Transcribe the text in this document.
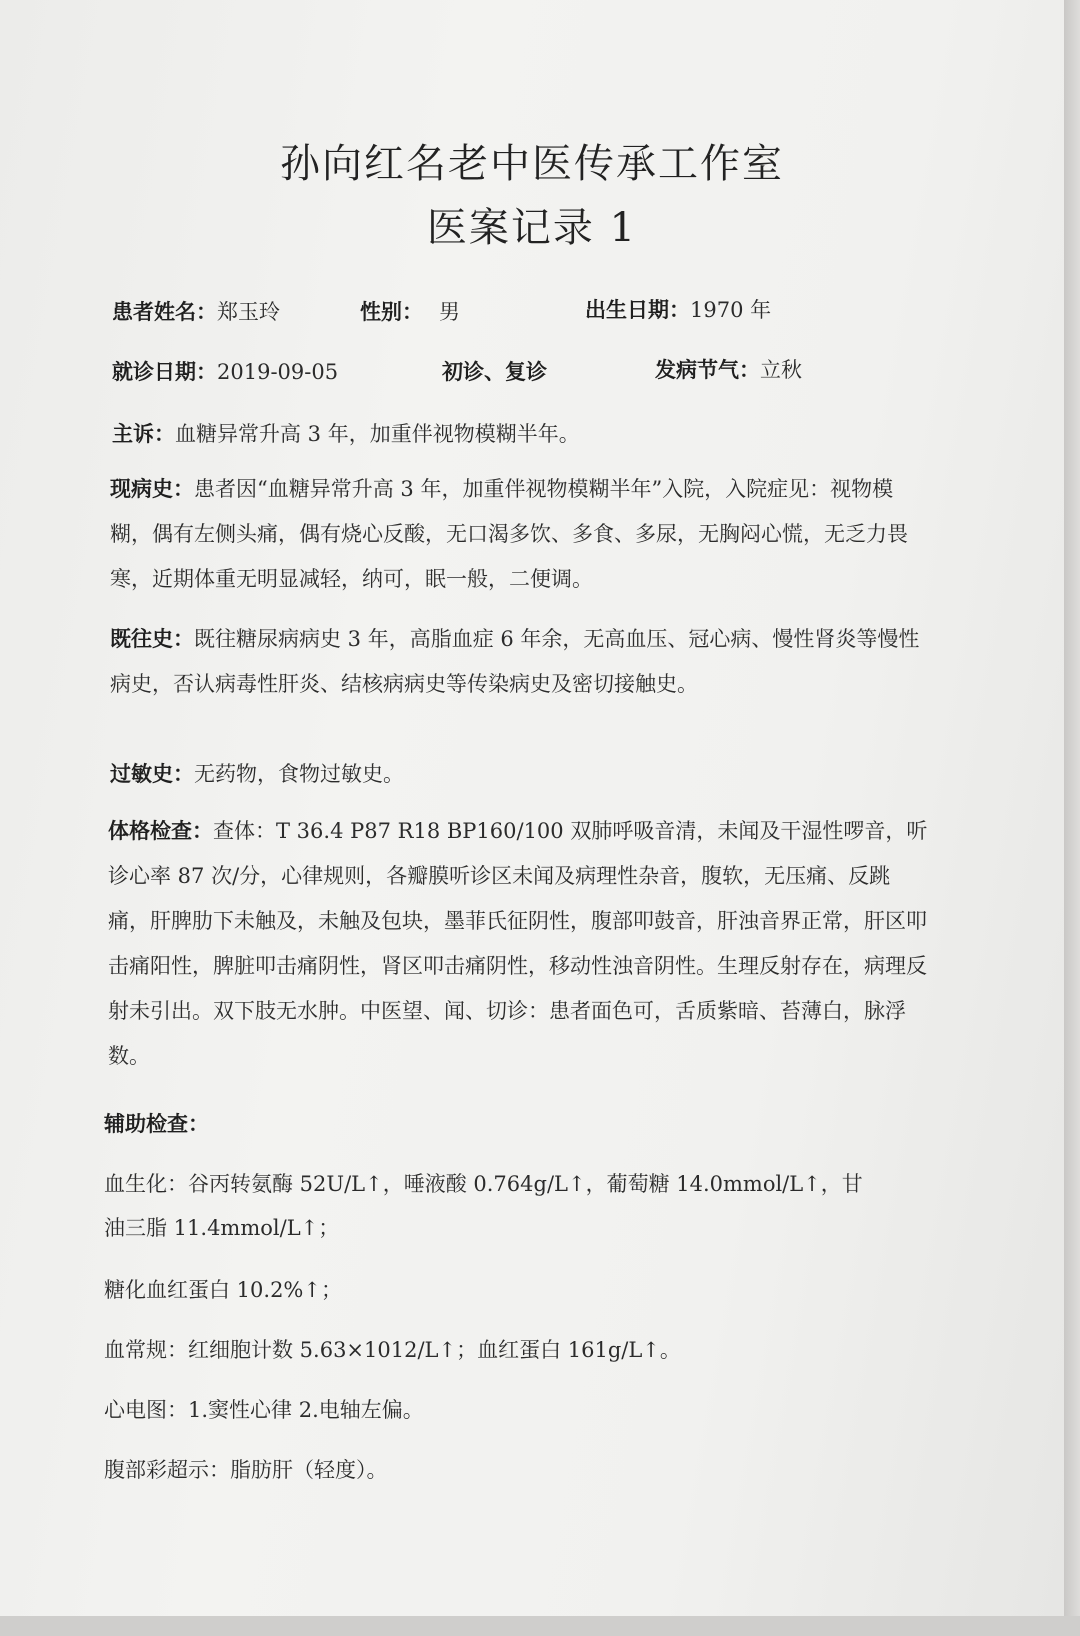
孙向红名老中医传承工作室
医案记录 1
患者姓名：郑玉玲	性别： 男	出生日期：1970 年
就诊日期：2019-09-05	初诊、复诊	发病节气：立秋
主诉：血糖异常升高 3 年，加重伴视物模糊半年。
现病史：患者因“血糖异常升高 3 年，加重伴视物模糊半年”入院，入院症见：视物模糊，偶有左侧头痛，偶有烧心反酸，无口渴多饮、多食、多尿，无胸闷心慌，无乏力畏寒，近期体重无明显减轻，纳可，眠一般，二便调。
既往史：既往糖尿病病史 3 年，高脂血症 6 年余，无高血压、冠心病、慢性肾炎等慢性病史，否认病毒性肝炎、结核病病史等传染病史及密切接触史。
过敏史：无药物，食物过敏史。
体格检查：查体：T 36.4 P87 R18 BP160/100 双肺呼吸音清，未闻及干湿性啰音，听诊心率 87 次/分，心律规则，各瓣膜听诊区未闻及病理性杂音，腹软，无压痛、反跳痛，肝脾肋下未触及，未触及包块，墨菲氏征阴性，腹部叩鼓音，肝浊音界正常，肝区叩击痛阳性，脾脏叩击痛阴性，肾区叩击痛阴性，移动性浊音阴性。生理反射存在，病理反射未引出。双下肢无水肿。中医望、闻、切诊：患者面色可，舌质紫暗、苔薄白，脉浮数。
辅助检查：
血生化：谷丙转氨酶 52U/L↑，唾液酸 0.764g/L↑，葡萄糖 14.0mmol/L↑，甘
油三脂 11.4mmol/L↑；
糖化血红蛋白 10.2%↑；
血常规：红细胞计数 5.63×1012/L↑；血红蛋白 161g/L↑。
心电图：1.窦性心律 2.电轴左偏。
腹部彩超示：脂肪肝（轻度）。
